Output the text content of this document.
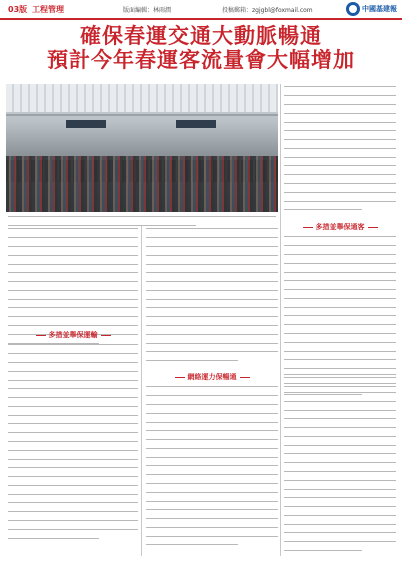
03版 工程管理	版面編輯：林雨潤	投稿郵箱：zgjgbl@foxmail.com	中國基建報
確保春運交通大動脈暢通
預計今年春運客流量會大幅增加
多措並舉保通客
多措並舉保運輸
網絡運力保暢通
